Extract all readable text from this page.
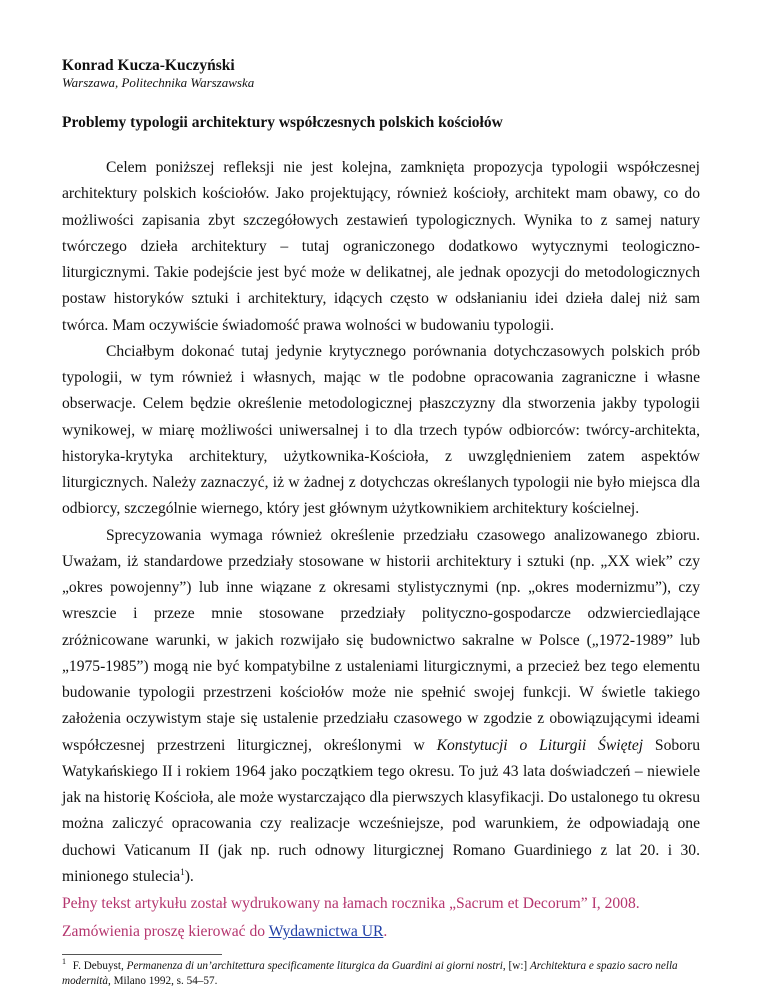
Konrad Kucza-Kuczyński

Warszawa, Politechnika Warszawska

Problemy typologii architektury współczesnych polskich kościołów

Celem poniższej refleksji nie jest kolejna, zamknięta propozycja typologii współczesnej architektury polskich kościołów. Jako projektujący, również kościoły, architekt mam obawy, co do możliwości zapisania zbyt szczegółowych zestawień typologicznych. Wynika to z samej natury twórczego dzieła architektury – tutaj ograniczonego dodatkowo wytycznymi teologiczno-liturgicznymi. Takie podejście jest być może w delikatnej, ale jednak opozycji do metodologicznych postaw historyków sztuki i architektury, idących często w odsłanianiu idei dzieła dalej niż sam twórca. Mam oczywiście świadomość prawa wolności w budowaniu typologii.

Chciałbym dokonać tutaj jedynie krytycznego porównania dotychczasowych polskich prób typologii, w tym również i własnych, mając w tle podobne opracowania zagraniczne i własne obserwacje. Celem będzie określenie metodologicznej płaszczyzny dla stworzenia jakby typologii wynikowej, w miarę możliwości uniwersalnej i to dla trzech typów odbiorców: twórcy-architekta, historyka-krytyka architektury, użytkownika-Kościoła, z uwzględnieniem zatem aspektów liturgicznych. Należy zaznaczyć, iż w żadnej z dotychczas określanych typologii nie było miejsca dla odbiorcy, szczególnie wiernego, który jest głównym użytkownikiem architektury kościelnej.

Sprecyzowania wymaga również określenie przedziału czasowego analizowanego zbioru. Uważam, iż standardowe przedziały stosowane w historii architektury i sztuki (np. „XX wiek” czy „okres powojenny”) lub inne wiązane z okresami stylistycznymi (np. „okres modernizmu”), czy wreszcie i przeze mnie stosowane przedziały polityczno-gospodarcze odzwierciedlające zróżnicowane warunki, w jakich rozwijało się budownictwo sakralne w Polsce („1972-1989” lub „1975-1985”) mogą nie być kompatybilne z ustaleniami liturgicznymi, a przecież bez tego elementu budowanie typologii przestrzeni kościołów może nie spełnić swojej funkcji. W świetle takiego założenia oczywistym staje się ustalenie przedziału czasowego w zgodzie z obowiązującymi ideami współczesnej przestrzeni liturgicznej, określonymi w Konstytucji o Liturgii Świętej Soboru Watykańskiego II i rokiem 1964 jako początkiem tego okresu. To już 43 lata doświadczeń – niewiele jak na historię Kościoła, ale może wystarczająco dla pierwszych klasyfikacji. Do ustalonego tu okresu można zaliczyć opracowania czy realizacje wcześniejsze, pod warunkiem, że odpowiadają one duchowi Vaticanum II (jak np. ruch odnowy liturgicznej Romano Guardiniego z lat 20. i 30. minionego stulecia$^1$).

Pełny tekst artykułu został wydrukowany na łamach rocznika „Sacrum et Decorum” I, 2008.

Zamówienia proszę kierować do Wydawnictwa UR.

$^1$ F. Debuyst, Permanenza di un’architettura specificamente liturgica da Guardini ai giorni nostri, [w:] Architektura e spazio sacro nella modernità, Milano 1992, s. 54–57.
